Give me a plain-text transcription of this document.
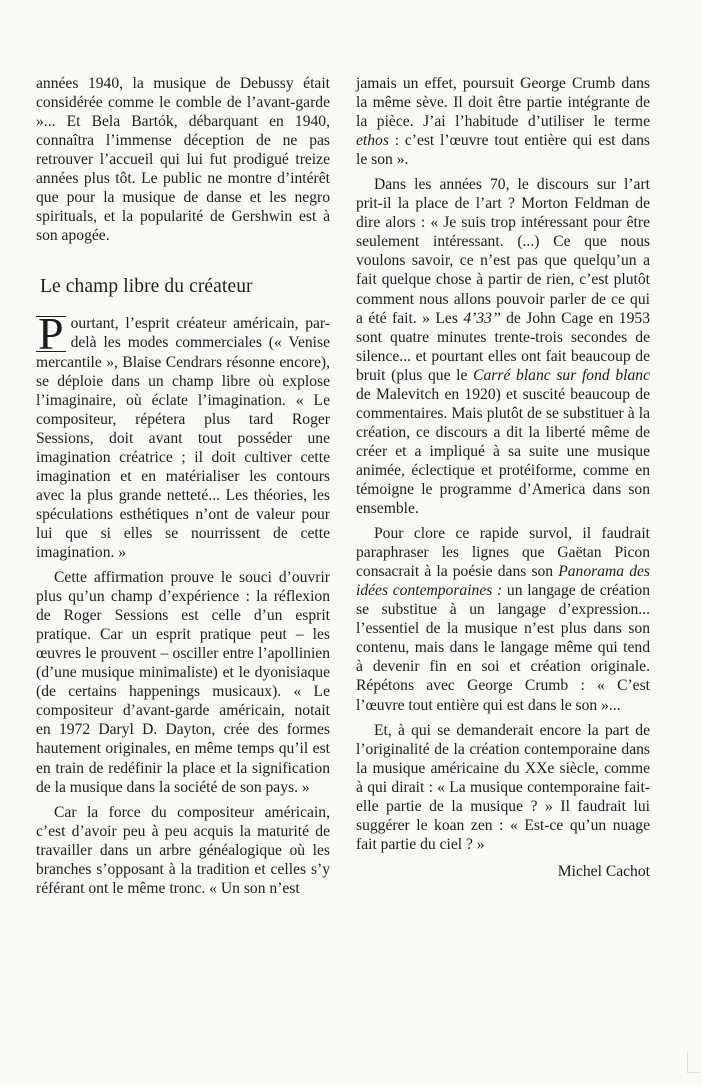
années 1940, la musique de Debussy était considérée comme le comble de l’avant-garde »... Et Bela Bartók, débarquant en 1940, connaîtra l’immense déception de ne pas retrouver l’accueil qui lui fut prodigué treize années plus tôt. Le public ne montre d’intérêt que pour la musique de danse et les negro spirituals, et la popularité de Gershwin est à son apogée.

Le champ libre du créateur

P ourtant, l’esprit créateur américain, par-delà les modes commerciales (« Venise mercantile », Blaise Cendrars résonne encore), se déploie dans un champ libre où explose l’imaginaire, où éclate l’imagination. « Le compositeur, répétera plus tard Roger Sessions, doit avant tout posséder une imagination créatrice ; il doit cultiver cette imagination et en matérialiser les contours avec la plus grande netteté... Les théories, les spéculations esthétiques n’ont de valeur pour lui que si elles se nourrissent de cette imagination. »

Cette affirmation prouve le souci d’ouvrir plus qu’un champ d’expérience : la réflexion de Roger Sessions est celle d’un esprit pratique. Car un esprit pratique peut – les œuvres le prouvent – osciller entre l’apollinien (d’une musique minimaliste) et le dyonisiaque (de certains happenings musicaux). « Le compositeur d’avant-garde américain, notait en 1972 Daryl D. Dayton, crée des formes hautement originales, en même temps qu’il est en train de redéfinir la place et la signification de la musique dans la société de son pays. »

Car la force du compositeur américain, c’est d’avoir peu à peu acquis la maturité de travailler dans un arbre généalogique où les branches s’opposant à la tradition et celles s’y référant ont le même tronc. « Un son n’est

jamais un effet, poursuit George Crumb dans la même sève. Il doit être partie intégrante de la pièce. J’ai l’habitude d’utiliser le terme ethos : c’est l’œuvre tout entière qui est dans le son ».

Dans les années 70, le discours sur l’art prit-il la place de l’art ? Morton Feldman de dire alors : « Je suis trop intéressant pour être seulement intéressant. (...) Ce que nous voulons savoir, ce n’est pas que quelqu’un a fait quelque chose à partir de rien, c’est plutôt comment nous allons pouvoir parler de ce qui a été fait. » Les 4’33’’ de John Cage en 1953 sont quatre minutes trente-trois secondes de silence... et pourtant elles ont fait beaucoup de bruit (plus que le Carré blanc sur fond blanc de Malevitch en 1920) et suscité beaucoup de commentaires. Mais plutôt de se substituer à la création, ce discours a dit la liberté même de créer et a impliqué à sa suite une musique animée, éclectique et protéiforme, comme en témoigne le programme d’America dans son ensemble.

Pour clore ce rapide survol, il faudrait paraphraser les lignes que Gaëtan Picon consacrait à la poésie dans son Panorama des idées contemporaines : un langage de création se substitue à un langage d’expression... l’essentiel de la musique n’est plus dans son contenu, mais dans le langage même qui tend à devenir fin en soi et création originale. Répétons avec George Crumb : « C’est l’œuvre tout entière qui est dans le son »...

Et, à qui se demanderait encore la part de l’originalité de la création contemporaine dans la musique américaine du XXe siècle, comme à qui dirait : « La musique contemporaine fait-elle partie de la musique ? » Il faudrait lui suggérer le koan zen : « Est-ce qu’un nuage fait partie du ciel ? »

Michel Cachot
